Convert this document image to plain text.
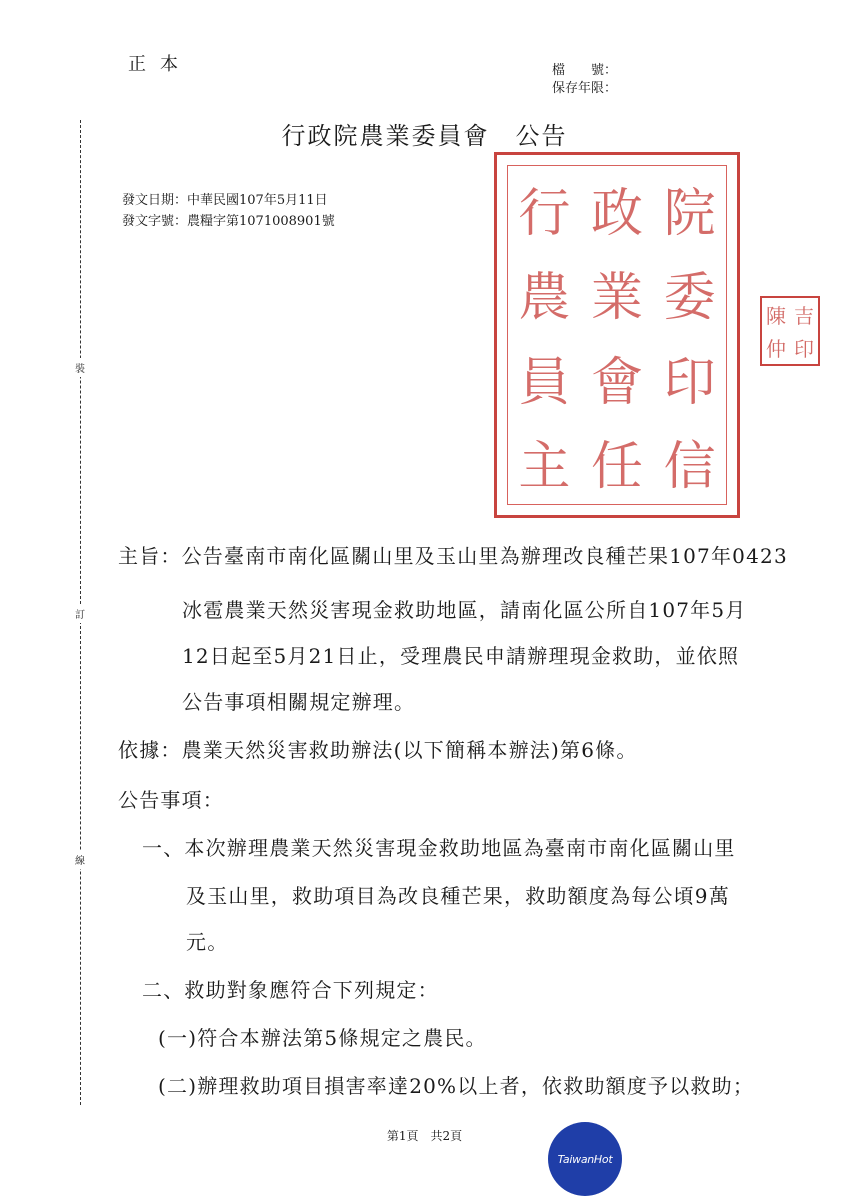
正本	檔　　號：
保存年限：
行政院農業委員會　公告
發文日期：中華民國107年5月11日
發文字號：農糧字第1071008901號
裝
訂
線
行 政 院
農 業 委
員 會 印
主 任 信
陳 吉
仲 印
主旨：公告臺南市南化區關山里及玉山里為辦理改良種芒果107年0423
冰雹農業天然災害現金救助地區，請南化區公所自107年5月
12日起至5月21日止，受理農民申請辦理現金救助，並依照
公告事項相關規定辦理。
依據：農業天然災害救助辦法(以下簡稱本辦法)第6條。
公告事項：
一、本次辦理農業天然災害現金救助地區為臺南市南化區關山里
及玉山里，救助項目為改良種芒果，救助額度為每公頃9萬
元。
二、救助對象應符合下列規定：
(一)符合本辦法第5條規定之農民。
(二)辦理救助項目損害率達20%以上者，依救助額度予以救助；
第1頁　共2頁
TaiwanHot
